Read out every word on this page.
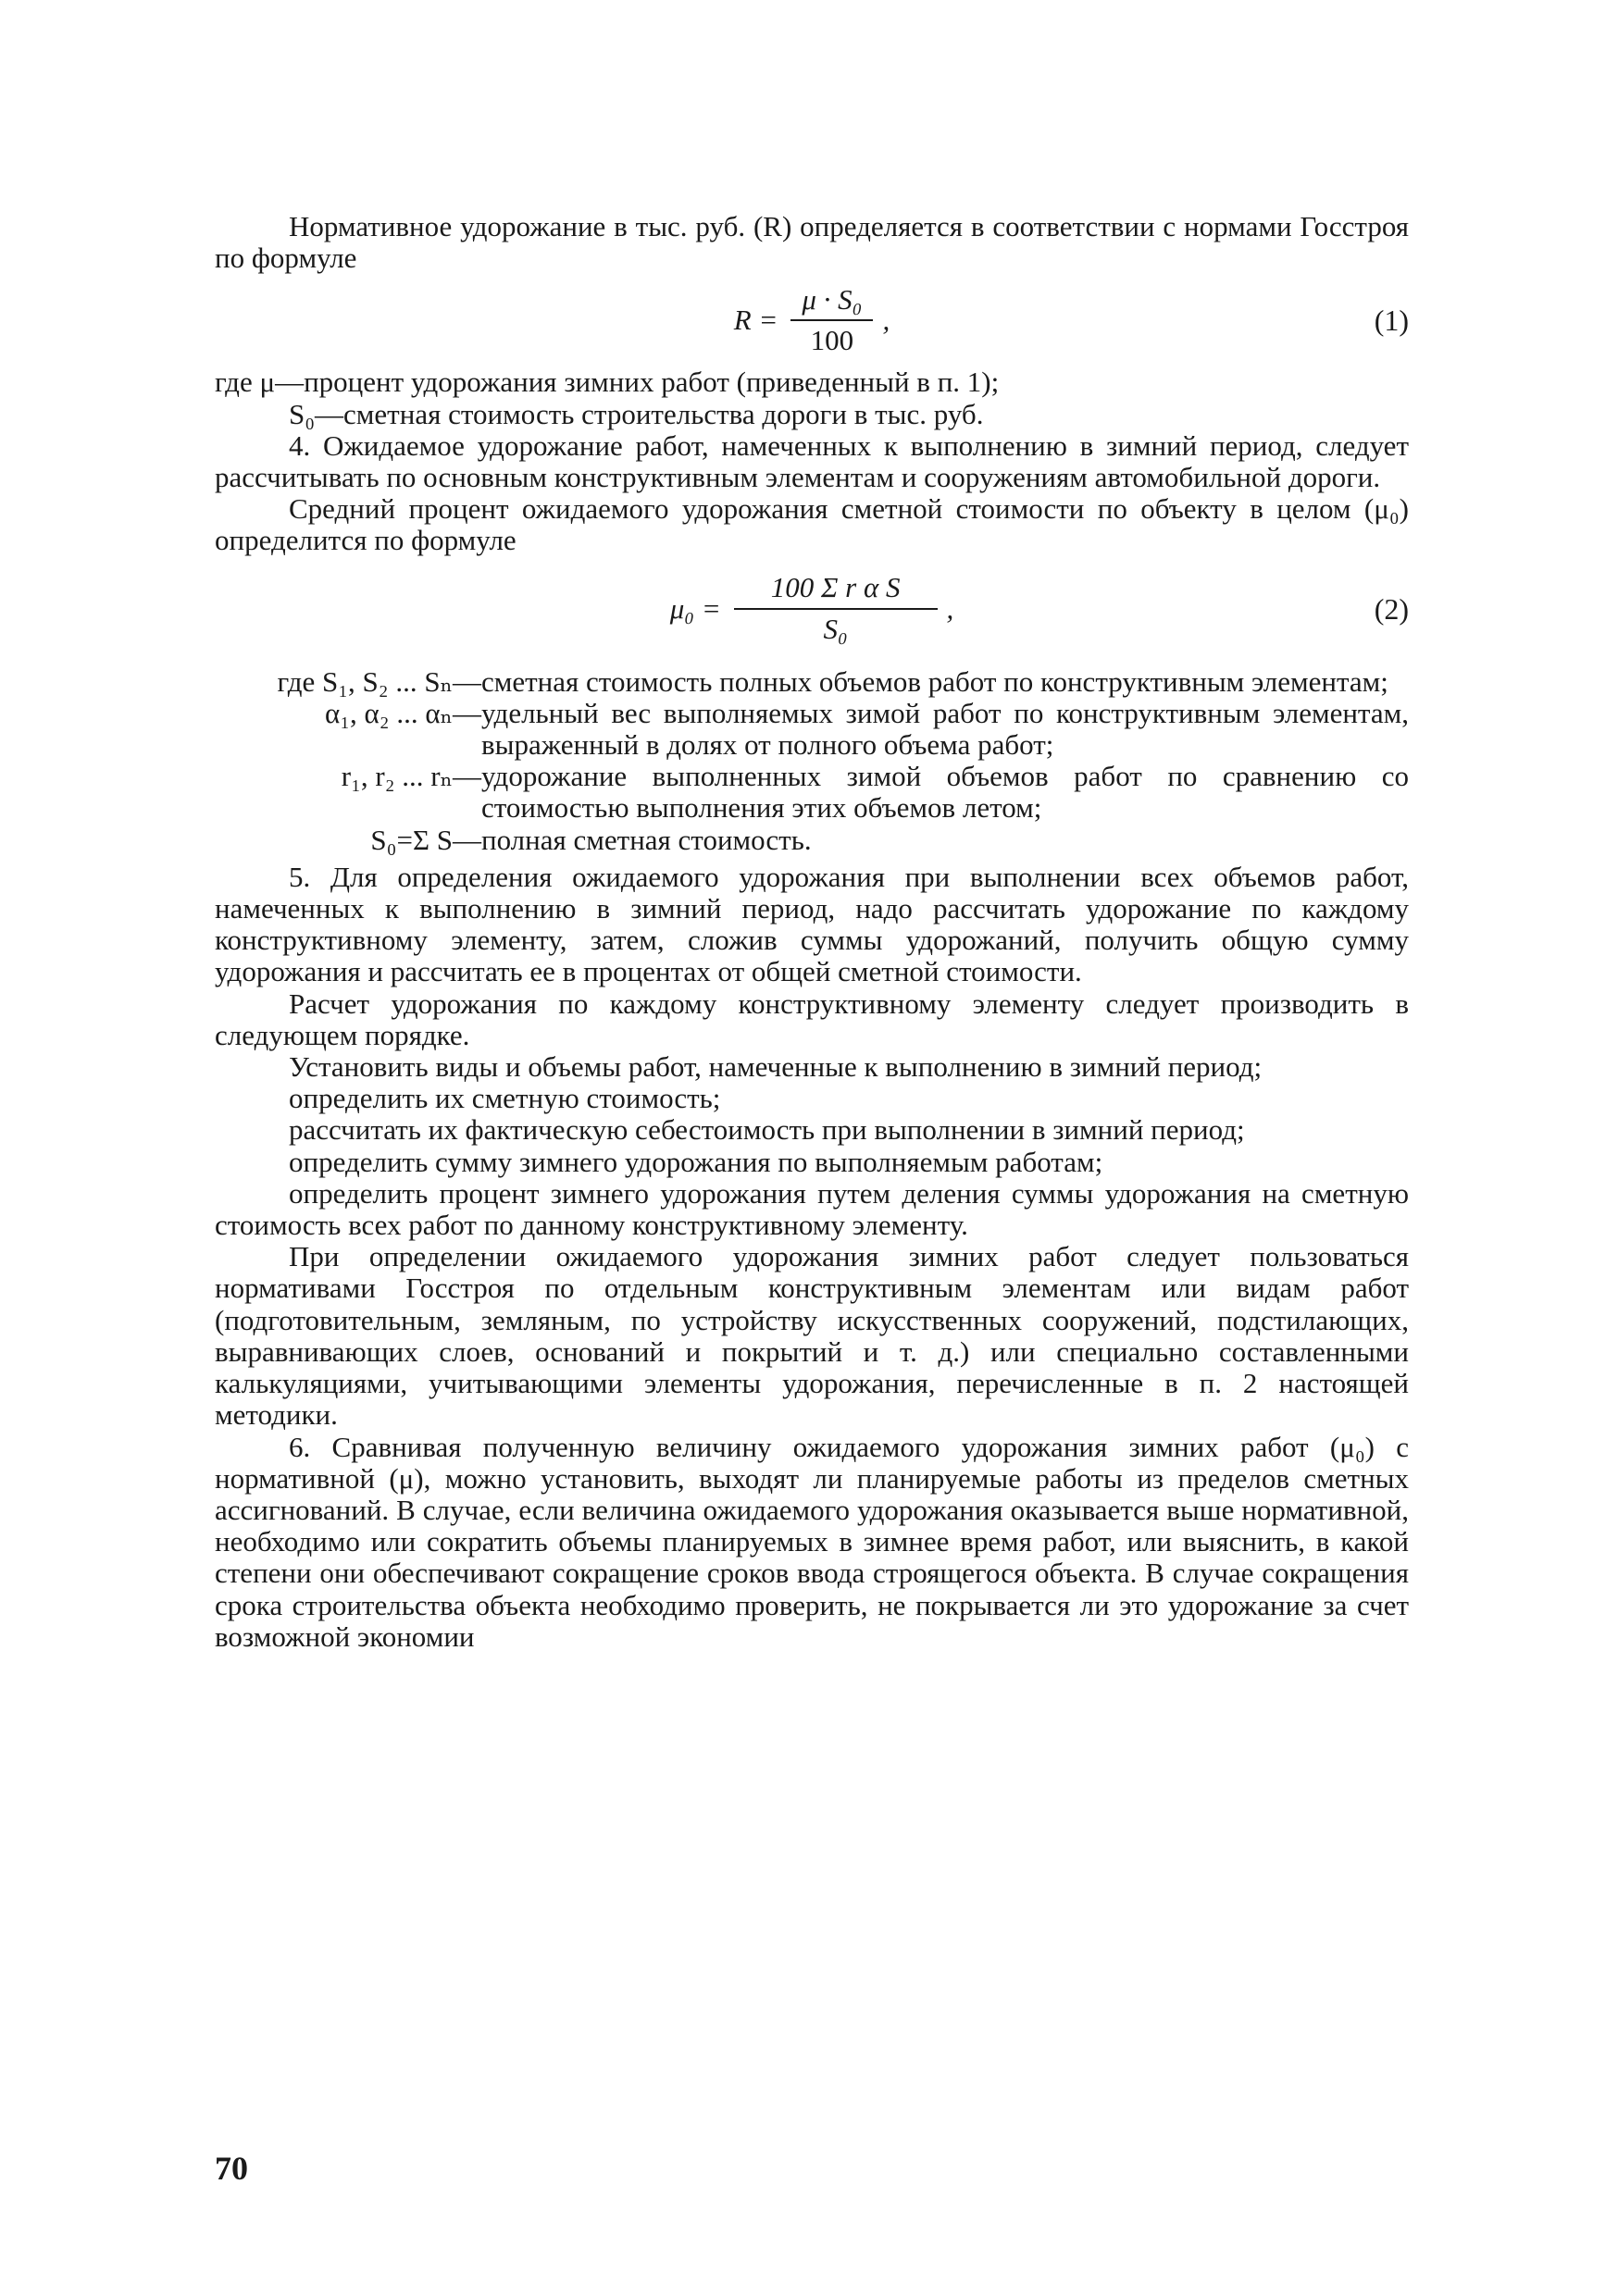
Нормативное удорожание в тыс. руб. (R) определяется в соответствии с нормами Госстроя по формуле

$R = \frac{\text{μ · S₀}}{100}$ ,	(1)

где μ—процент удорожания зимних работ (приведенный в п. 1);

S₀—сметная стоимость строительства дороги в тыс. руб.

4. Ожидаемое удорожание работ, намеченных к выполнению в зимний период, следует рассчитывать по основным конструктивным элементам и сооружениям автомобильной дороги.

Средний процент ожидаемого удорожания сметной стоимости по объекту в целом (μ₀) определится по формуле

$\mu_0 = \frac{\text{100 Σ r α S}}{\text{S₀}}$ ,	(2)
где S₁, S₂ ... Sₙ— сметная стоимость полных объемов работ по конструктивным элементам;
α₁, α₂ ... αₙ— удельный вес выполняемых зимой работ по конструктивным элементам, выраженный в долях от полного объема работ;
r₁, r₂ ... rₙ— удорожание выполненных зимой объемов работ по сравнению со стоимостью выполнения этих объемов летом;
S₀=Σ S— полная сметная стоимость.

5. Для определения ожидаемого удорожания при выполнении всех объемов работ, намеченных к выполнению в зимний период, надо рассчитать удорожание по каждому конструктивному элементу, затем, сложив суммы удорожаний, получить общую сумму удорожания и рассчитать ее в процентах от общей сметной стоимости.

Расчет удорожания по каждому конструктивному элементу следует производить в следующем порядке.

Установить виды и объемы работ, намеченные к выполнению в зимний период;

определить их сметную стоимость;

рассчитать их фактическую себестоимость при выполнении в зимний период;

определить сумму зимнего удорожания по выполняемым работам;

определить процент зимнего удорожания путем деления суммы удорожания на сметную стоимость всех работ по данному конструктивному элементу.

При определении ожидаемого удорожания зимних работ следует пользоваться нормативами Госстроя по отдельным конструктивным элементам или видам работ (подготовительным, земляным, по устройству искусственных сооружений, подстилающих, выравнивающих слоев, оснований и покрытий и т. д.) или специально составленными калькуляциями, учитывающими элементы удорожания, перечисленные в п. 2 настоящей методики.

6. Сравнивая полученную величину ожидаемого удорожания зимних работ (μ₀) с нормативной (μ), можно установить, выходят ли планируемые работы из пределов сметных ассигнований. В случае, если величина ожидаемого удорожания оказывается выше нормативной, необходимо или сократить объемы планируемых в зимнее время работ, или выяснить, в какой степени они обеспечивают сокращение сроков ввода строящегося объекта. В случае сокращения срока строительства объекта необходимо проверить, не покрывается ли это удорожание за счет возможной экономии

70
